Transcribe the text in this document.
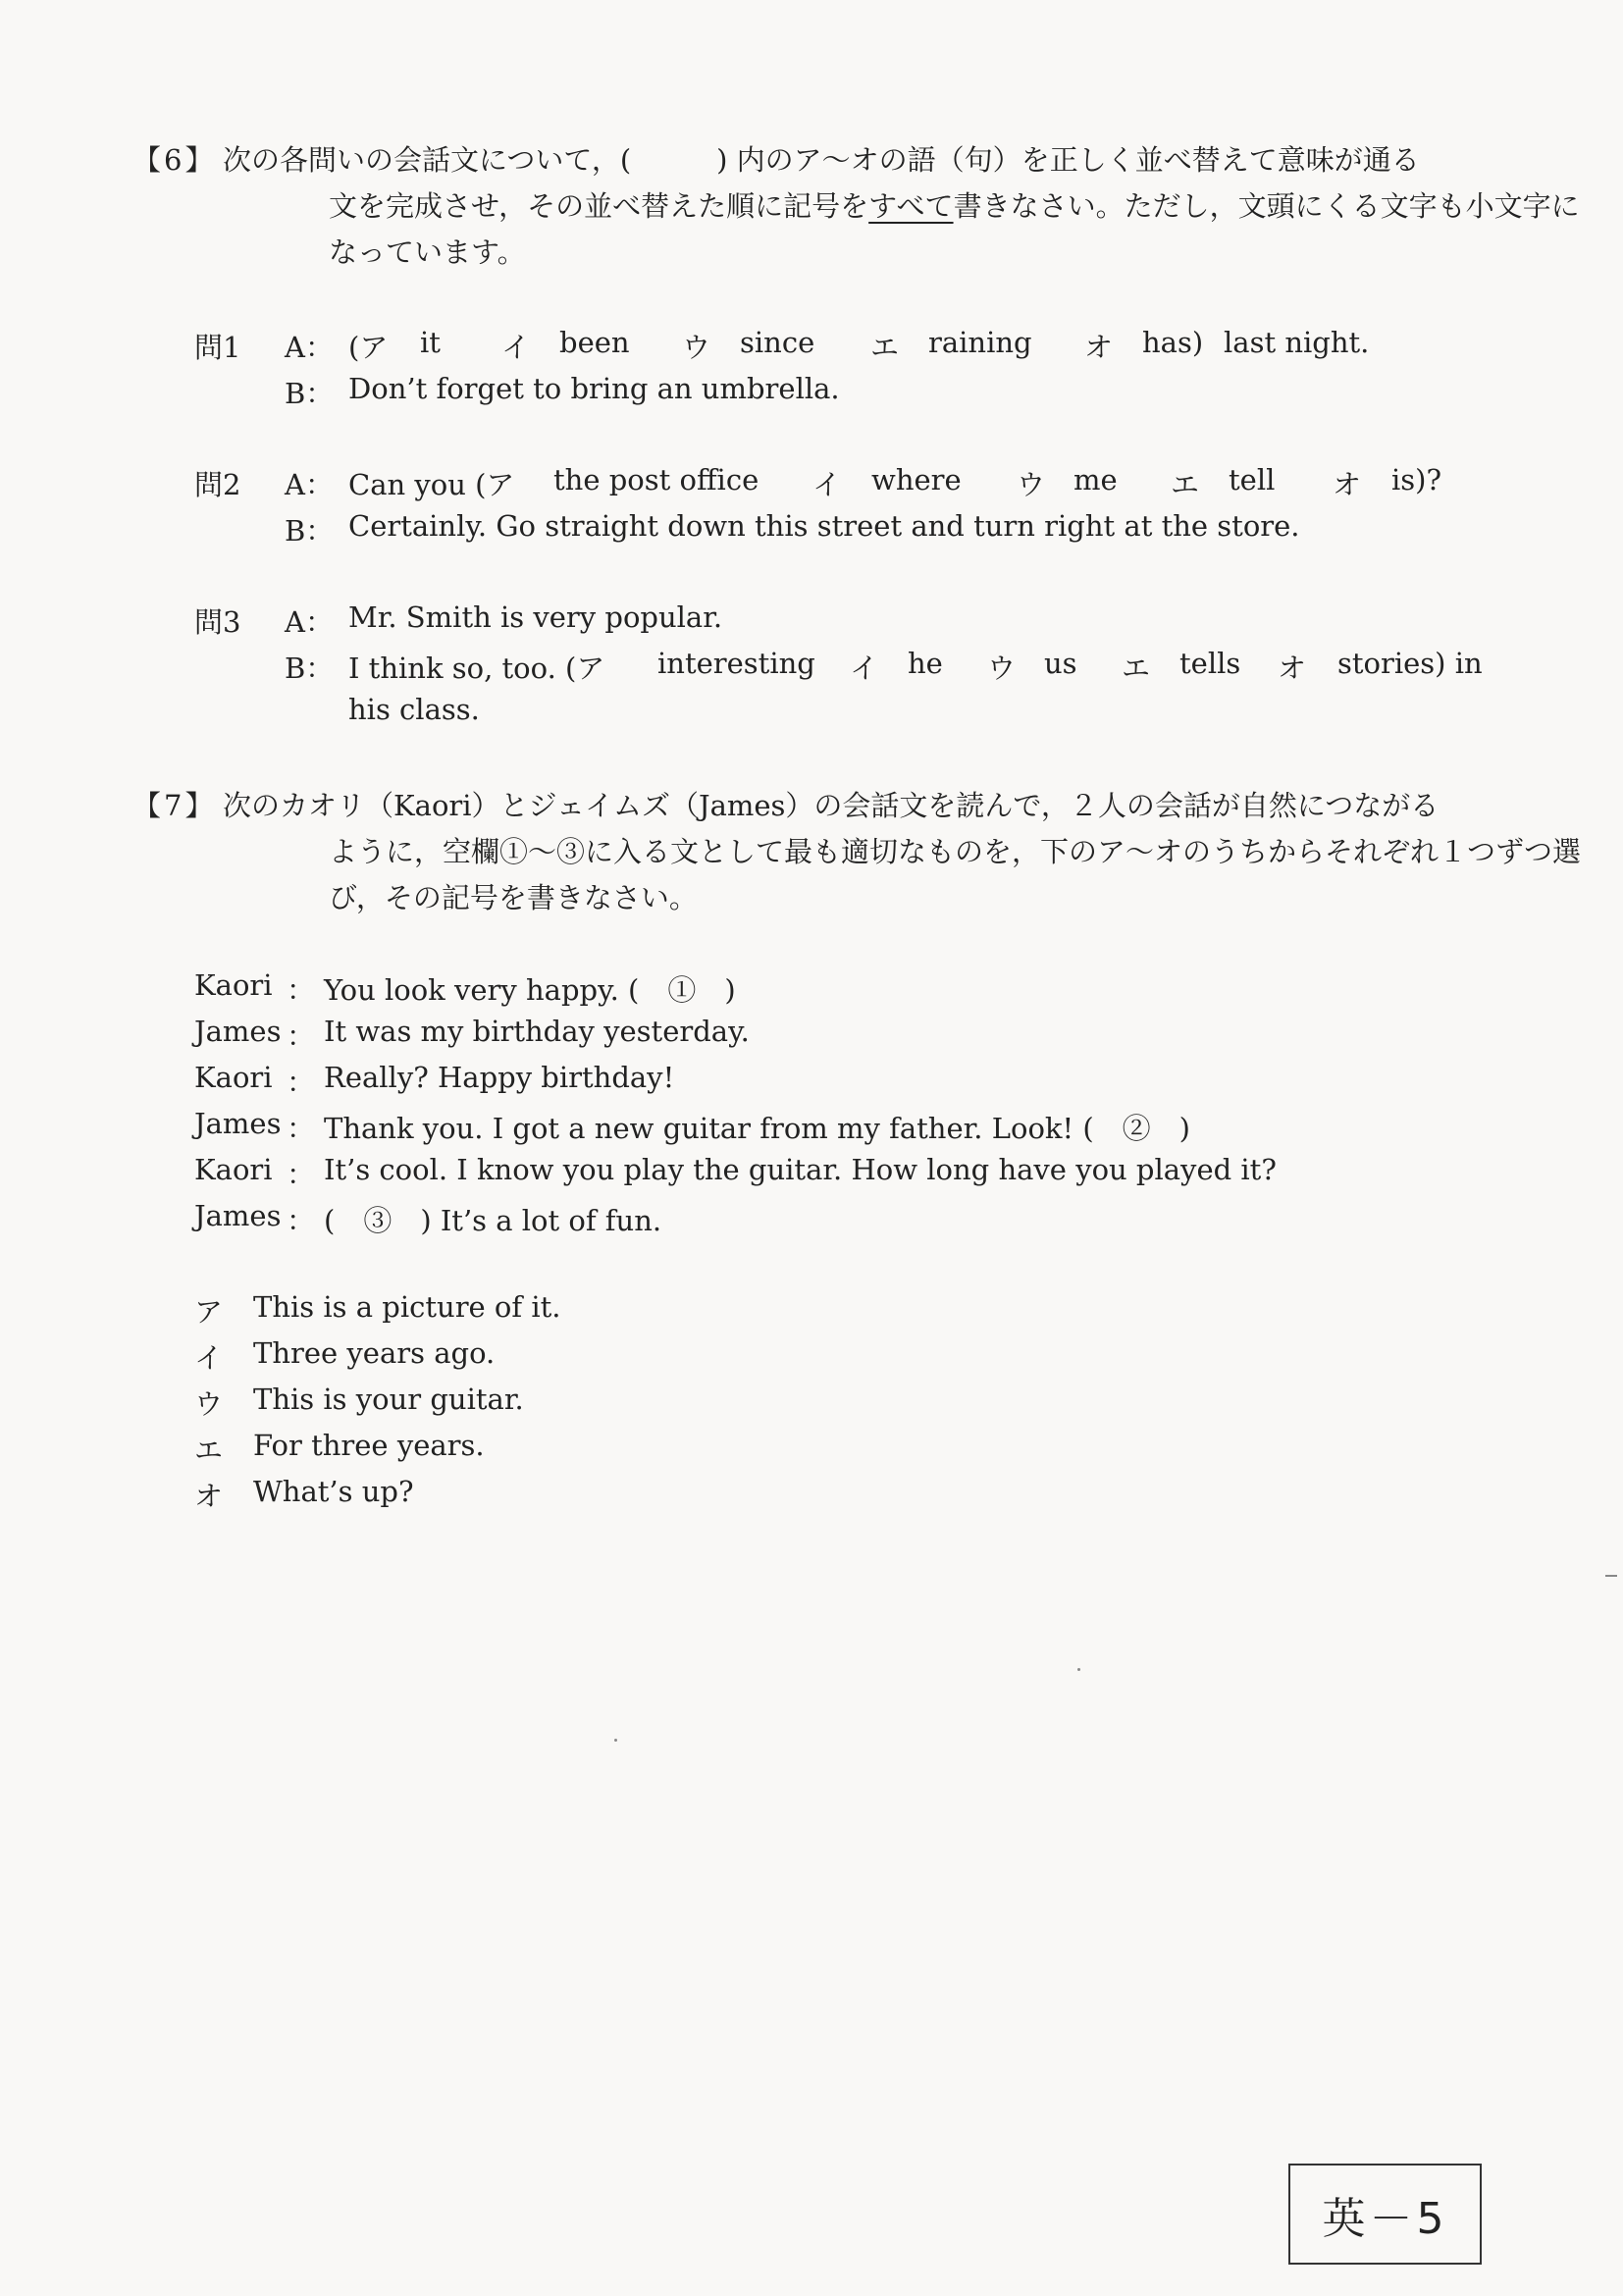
【6】 次の各問いの会話文について，(　　　) 内のア～オの語（句）を正しく並べ替えて意味が通る
文を完成させ，その並べ替えた順に記号をすべて書きなさい。ただし，文頭にくる文字も小文字に
なっています。
問1 A： (ア it イ been ウ since エ raining オ has) last night.
B： Don’t forget to bring an umbrella.
問2 A： Can you (ア the post office イ where ウ me エ tell オ is)?
B： Certainly. Go straight down this street and turn right at the store.
問3 A： Mr. Smith is very popular.
B： I think so, too. (ア interesting イ he ウ us エ tells オ stories) in
his class.
【7】 次のカオリ（Kaori）とジェイムズ（James）の会話文を読んで，２人の会話が自然につながる
ように，空欄①～③に入る文として最も適切なものを，下のア～オのうちからそれぞれ１つずつ選
び，その記号を書きなさい。
Kaori ： You look very happy. (　①　)
James ： It was my birthday yesterday.
Kaori ： Really? Happy birthday!
James ： Thank you. I got a new guitar from my father. Look! (　②　)
Kaori ： It’s cool. I know you play the guitar. How long have you played it?
James ： (　③　) It’s a lot of fun.
ア This is a picture of it.
イ Three years ago.
ウ This is your guitar.
エ For three years.
オ What’s up?
英－5
